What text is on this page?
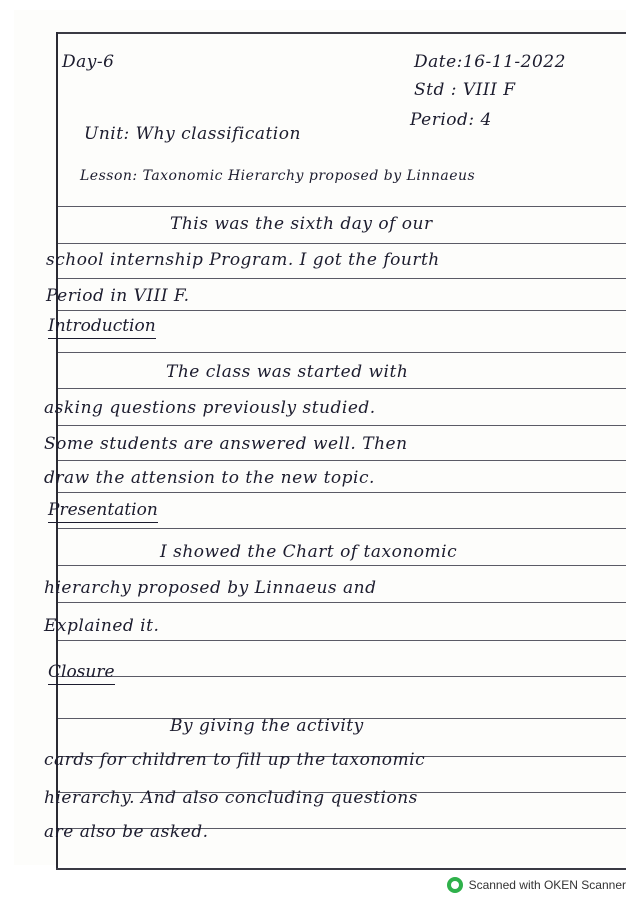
Day-6	Date:16-11-2022
Std : VIII F
Period: 4
Unit: Why classification
Lesson: Taxonomic Hierarchy proposed by Linnaeus
This was the sixth day of our
school internship Program. I got the fourth
Period in VIII F.
Introduction
The class was started with
asking questions previously studied.
Some students are answered well. Then
draw the attension to the new topic.
Presentation
I showed the Chart of taxonomic
hierarchy proposed by Linnaeus and
Explained it.
Closure
By giving the activity
cards for children to fill up the taxonomic
hierarchy. And also concluding questions
are also be asked.
Scanned with OKEN Scanner
